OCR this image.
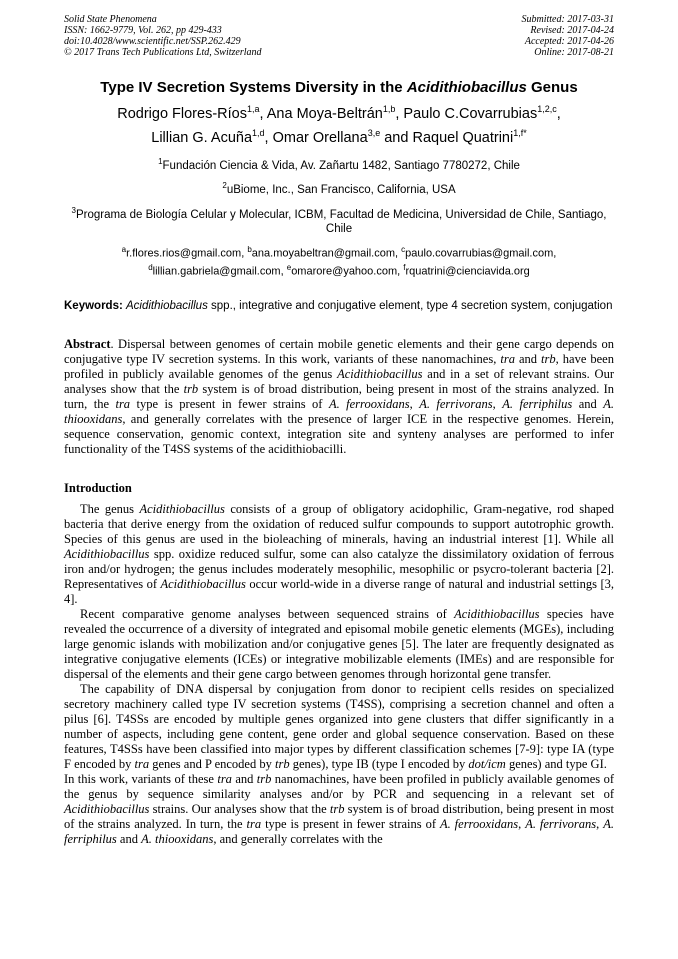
Solid State Phenomena
ISSN: 1662-9779, Vol. 262, pp 429-433
doi:10.4028/www.scientific.net/SSP.262.429
© 2017 Trans Tech Publications Ltd, Switzerland
Submitted: 2017-03-31
Revised: 2017-04-24
Accepted: 2017-04-26
Online: 2017-08-21
Type IV Secretion Systems Diversity in the Acidithiobacillus Genus
Rodrigo Flores-Ríos$^{1,a}$, Ana Moya-Beltrán$^{1,b}$, Paulo C.Covarrubias$^{1,2,c}$,
Lillian G. Acuña$^{1,d}$, Omar Orellana$^{3,e}$ and Raquel Quatrini$^{1,f*}$
$^1$Fundación Ciencia & Vida, Av. Zañartu 1482, Santiago 7780272, Chile
$^2$uBiome, Inc., San Francisco, California, USA
$^3$Programa de Biología Celular y Molecular, ICBM, Facultad de Medicina, Universidad de Chile, Santiago, Chile
$^a$r.flores.rios@gmail.com, $^b$ana.moyabeltran@gmail.com, $^c$paulo.covarrubias@gmail.com,
$^d$lillian.gabriela@gmail.com, $^e$omarore@yahoo.com, $^f$rquatrini@cienciavida.org
Keywords: Acidithiobacillus spp., integrative and conjugative element, type 4 secretion system, conjugation
Abstract. Dispersal between genomes of certain mobile genetic elements and their gene cargo depends on conjugative type IV secretion systems. In this work, variants of these nanomachines, tra and trb, have been profiled in publicly available genomes of the genus Acidithiobacillus and in a set of relevant strains. Our analyses show that the trb system is of broad distribution, being present in most of the strains analyzed. In turn, the tra type is present in fewer strains of A. ferrooxidans, A. ferrivorans, A. ferriphilus and A. thiooxidans, and generally correlates with the presence of larger ICE in the respective genomes. Herein, sequence conservation, genomic context, integration site and synteny analyses are performed to infer functionality of the T4SS systems of the acidithiobacilli.
Introduction

The genus Acidithiobacillus consists of a group of obligatory acidophilic, Gram-negative, rod shaped bacteria that derive energy from the oxidation of reduced sulfur compounds to support autotrophic growth. Species of this genus are used in the bioleaching of minerals, having an industrial interest [1]. While all Acidithiobacillus spp. oxidize reduced sulfur, some can also catalyze the dissimilatory oxidation of ferrous iron and/or hydrogen; the genus includes moderately mesophilic, mesophilic or psycro-tolerant bacteria [2]. Representatives of Acidithiobacillus occur world-wide in a diverse range of natural and industrial settings [3, 4].

Recent comparative genome analyses between sequenced strains of Acidithiobacillus species have revealed the occurrence of a diversity of integrated and episomal mobile genetic elements (MGEs), including large genomic islands with mobilization and/or conjugative genes [5]. The later are frequently designated as integrative conjugative elements (ICEs) or integrative mobilizable elements (IMEs) and are responsible for dispersal of the elements and their gene cargo between genomes through horizontal gene transfer.

The capability of DNA dispersal by conjugation from donor to recipient cells resides on specialized secretory machinery called type IV secretion systems (T4SS), comprising a secretion channel and often a pilus [6]. T4SSs are encoded by multiple genes organized into gene clusters that differ significantly in a number of aspects, including gene content, gene order and global sequence conservation. Based on these features, T4SSs have been classified into major types by different classification schemes [7-9]: type IA (type F encoded by tra genes and P encoded by trb genes), type IB (type I encoded by dot/icm genes) and type GI.

In this work, variants of these tra and trb nanomachines, have been profiled in publicly available genomes of the genus by sequence similarity analyses and/or by PCR and sequencing in a relevant set of Acidithiobacillus strains. Our analyses show that the trb system is of broad distribution, being present in most of the strains analyzed. In turn, the tra type is present in fewer strains of A. ferrooxidans, A. ferrivorans, A. ferriphilus and A. thiooxidans, and generally correlates with the
